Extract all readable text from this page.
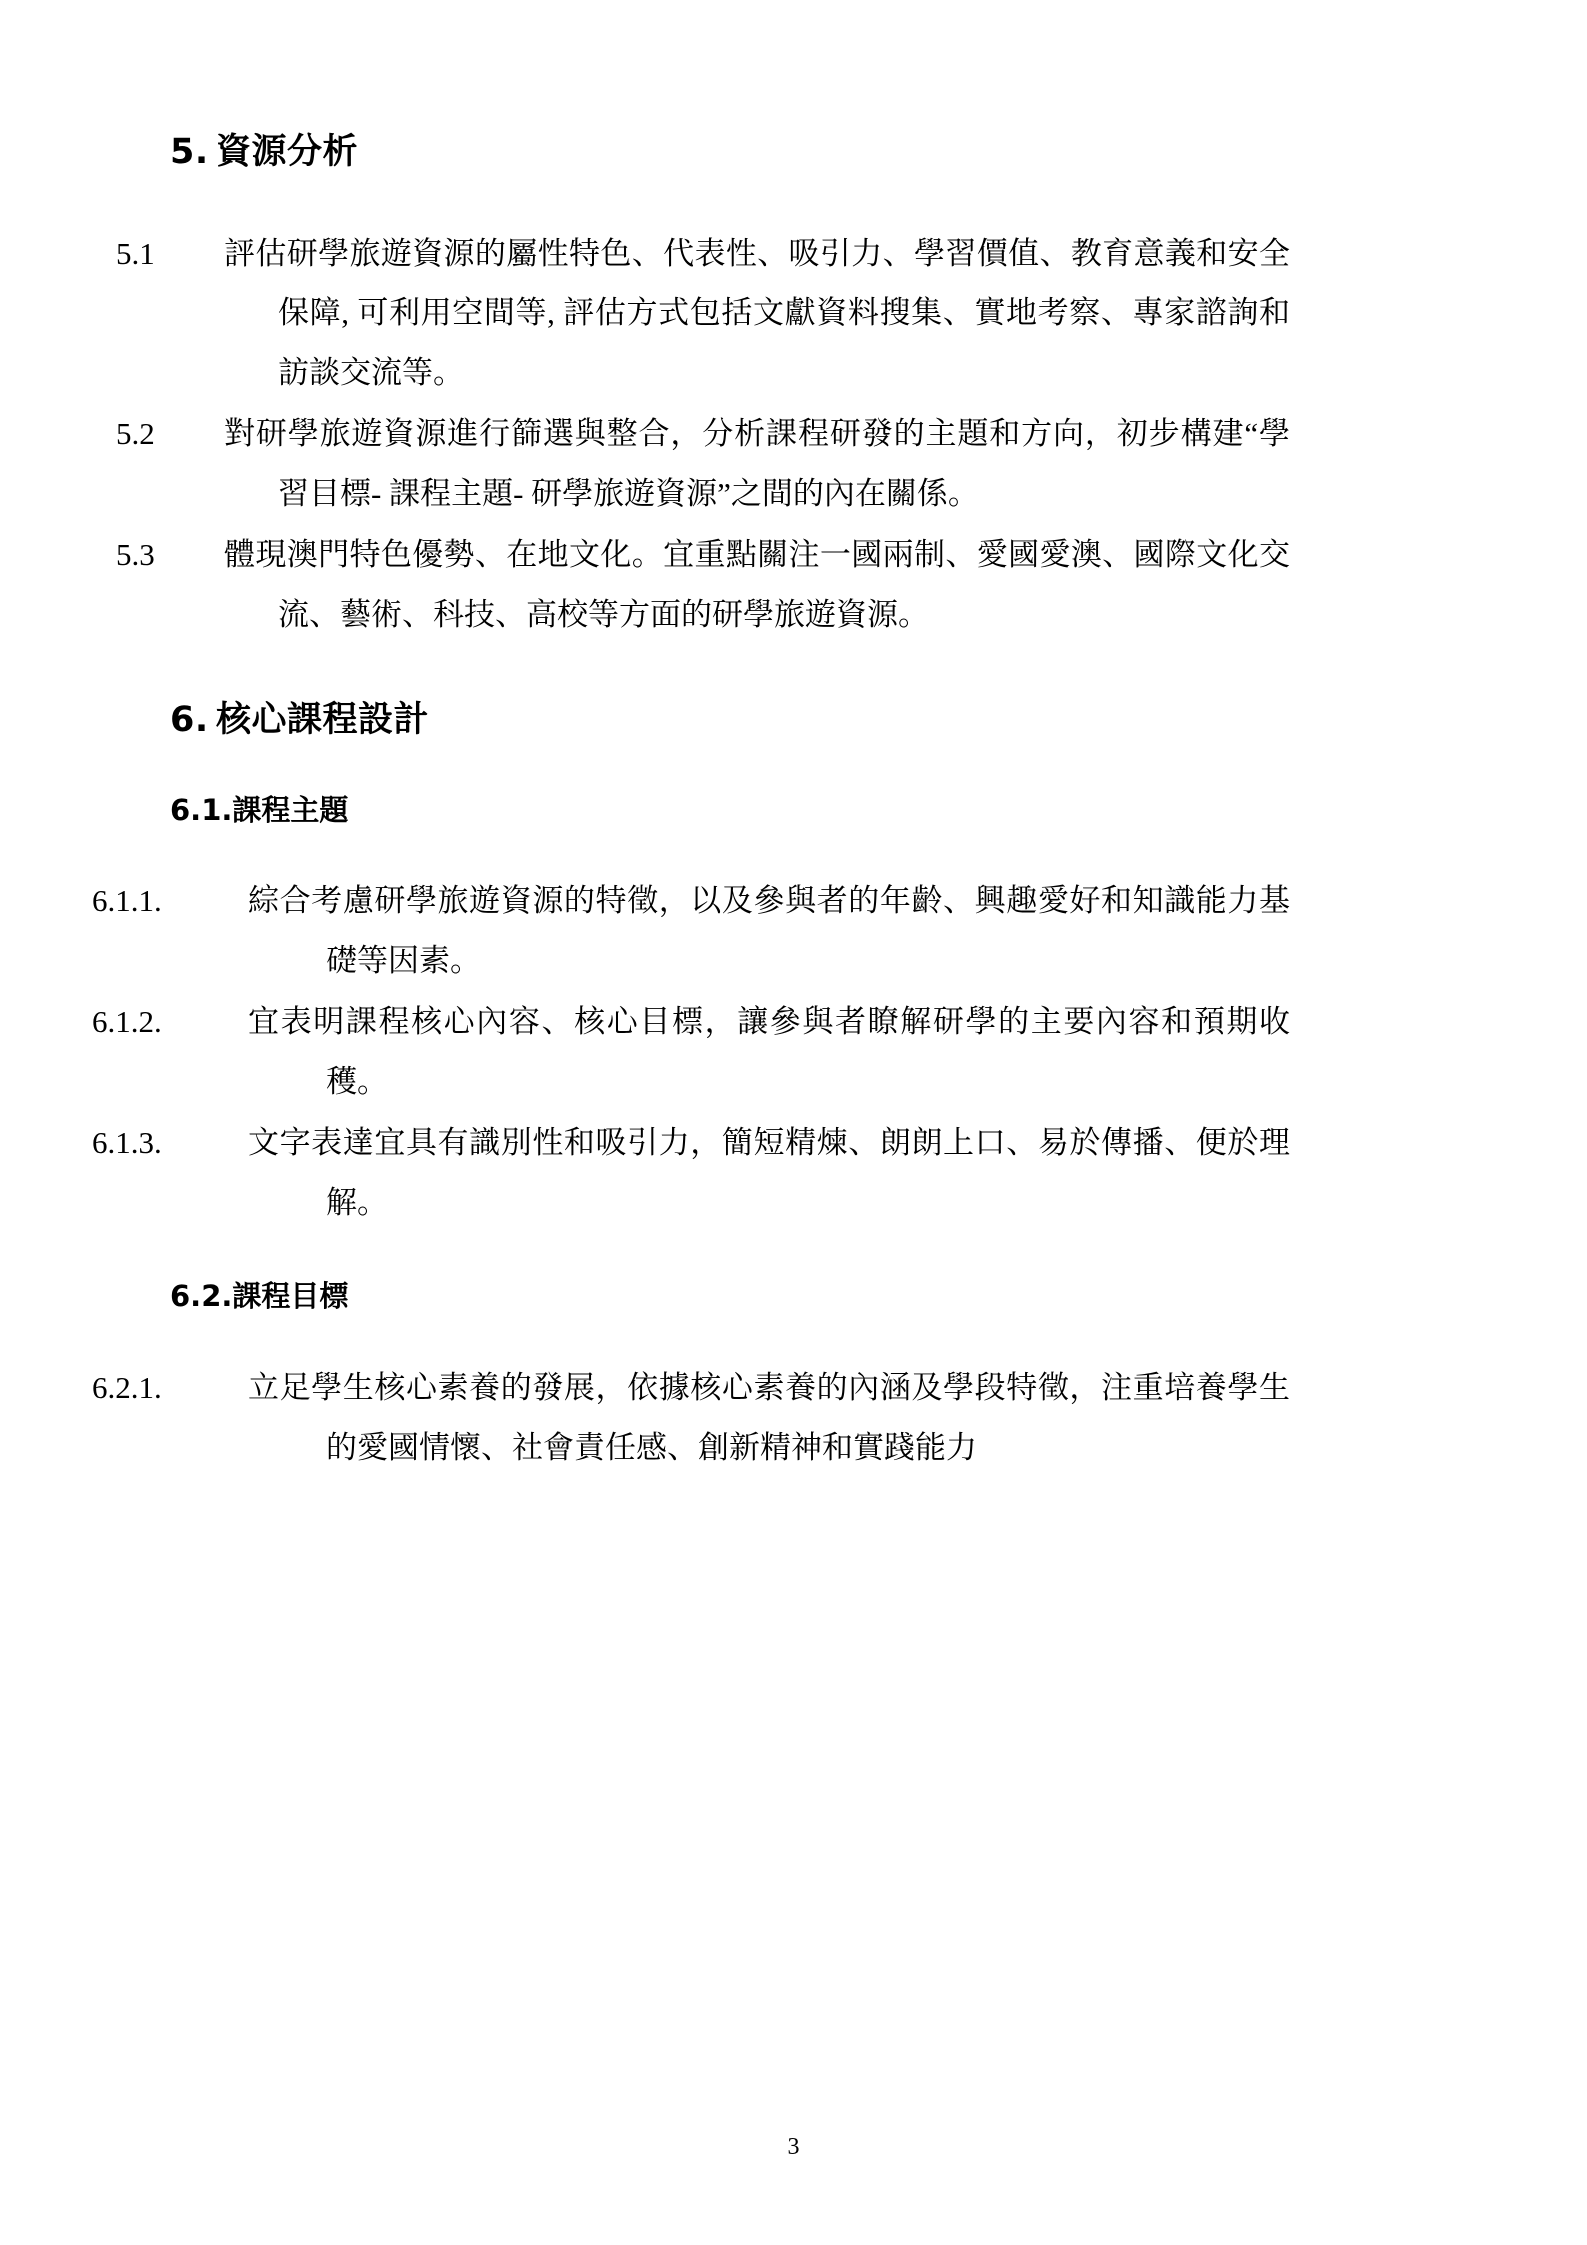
5. 資源分析
5.1	評估研學旅遊資源的屬性特色、代表性、吸引力、學習價值、教育意義和安全保障, 可利用空間等, 評估方式包括文獻資料搜集、實地考察、專家諮詢和訪談交流等。
5.2	對研學旅遊資源進行篩選與整合，分析課程研發的主題和方向，初步構建“學習目標- 課程主題- 研學旅遊資源”之間的內在關係。
5.3	體現澳門特色優勢、在地文化。宜重點關注一國兩制、愛國愛澳、國際文化交流、藝術、科技、高校等方面的研學旅遊資源。
6. 核心課程設計
6.1.課程主題
6.1.1.	綜合考慮研學旅遊資源的特徵，以及參與者的年齡、興趣愛好和知識能力基礎等因素。
6.1.2.	宜表明課程核心內容、核心目標，讓參與者瞭解研學的主要內容和預期收穫。
6.1.3.	文字表達宜具有識別性和吸引力，簡短精煉、朗朗上口、易於傳播、便於理解。
6.2.課程目標
6.2.1.	立足學生核心素養的發展，依據核心素養的內涵及學段特徵，注重培養學生的愛國情懷、社會責任感、創新精神和實踐能力
3
